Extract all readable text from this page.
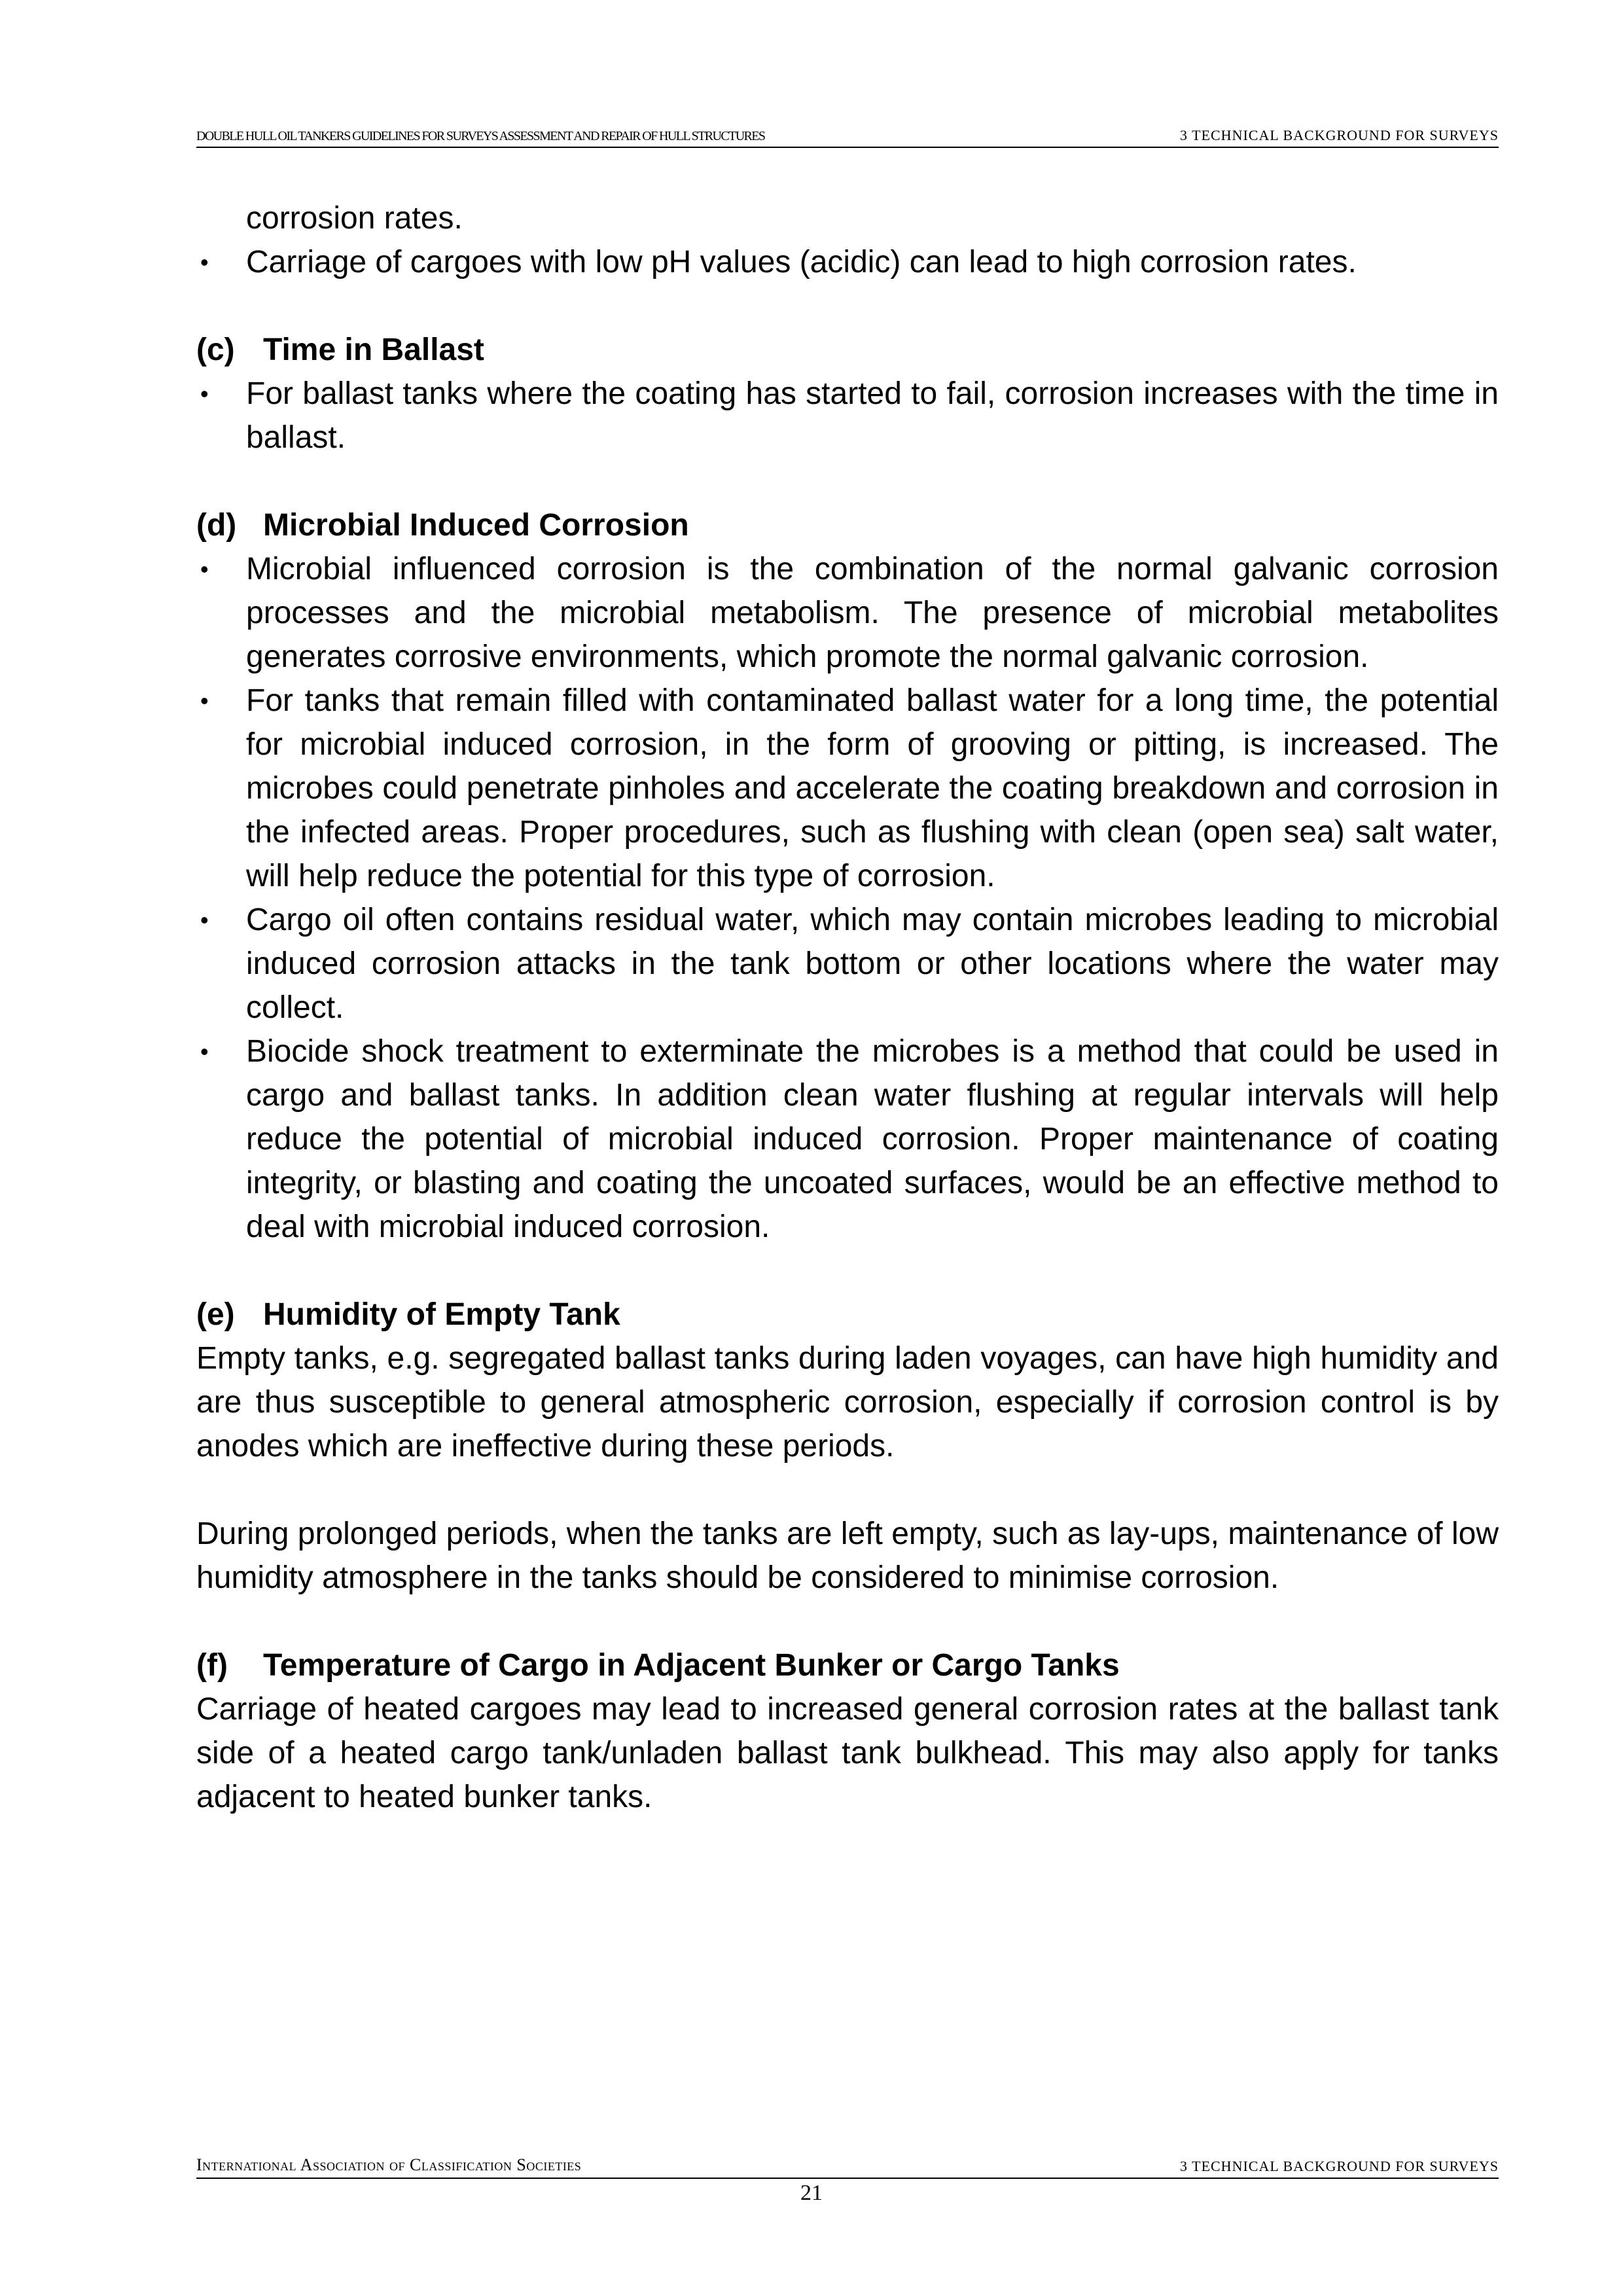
DOUBLE HULL OIL TANKERS GUIDELINES FOR SURVEYS ASSESSMENT AND REPAIR OF HULL STRUCTURES	3 TECHNICAL BACKGROUND FOR SURVEYS

corrosion rates.

• Carriage of cargoes with low pH values (acidic) can lead to high corrosion rates.
(c) Time in Ballast
• For ballast tanks where the coating has started to fail, corrosion increases with the time in ballast.
(d) Microbial Induced Corrosion
• Microbial influenced corrosion is the combination of the normal galvanic corrosion processes and the microbial metabolism. The presence of microbial metabolites generates corrosive environments, which promote the normal galvanic corrosion.
• For tanks that remain filled with contaminated ballast water for a long time, the potential for microbial induced corrosion, in the form of grooving or pitting, is increased. The microbes could penetrate pinholes and accelerate the coating breakdown and corrosion in the infected areas. Proper procedures, such as flushing with clean (open sea) salt water, will help reduce the potential for this type of corrosion.
• Cargo oil often contains residual water, which may contain microbes leading to microbial induced corrosion attacks in the tank bottom or other locations where the water may collect.
• Biocide shock treatment to exterminate the microbes is a method that could be used in cargo and ballast tanks. In addition clean water flushing at regular intervals will help reduce the potential of microbial induced corrosion. Proper maintenance of coating integrity, or blasting and coating the uncoated surfaces, would be an effective method to deal with microbial induced corrosion.
(e) Humidity of Empty Tank

Empty tanks, e.g. segregated ballast tanks during laden voyages, can have high humidity and are thus susceptible to general atmospheric corrosion, especially if corrosion control is by anodes which are ineffective during these periods.

During prolonged periods, when the tanks are left empty, such as lay-ups, maintenance of low humidity atmosphere in the tanks should be considered to minimise corrosion.

(f) Temperature of Cargo in Adjacent Bunker or Cargo Tanks

Carriage of heated cargoes may lead to increased general corrosion rates at the ballast tank side of a heated cargo tank/unladen ballast tank bulkhead. This may also apply for tanks adjacent to heated bunker tanks.

International Association of Classification Societies	3 TECHNICAL BACKGROUND FOR SURVEYS
21
